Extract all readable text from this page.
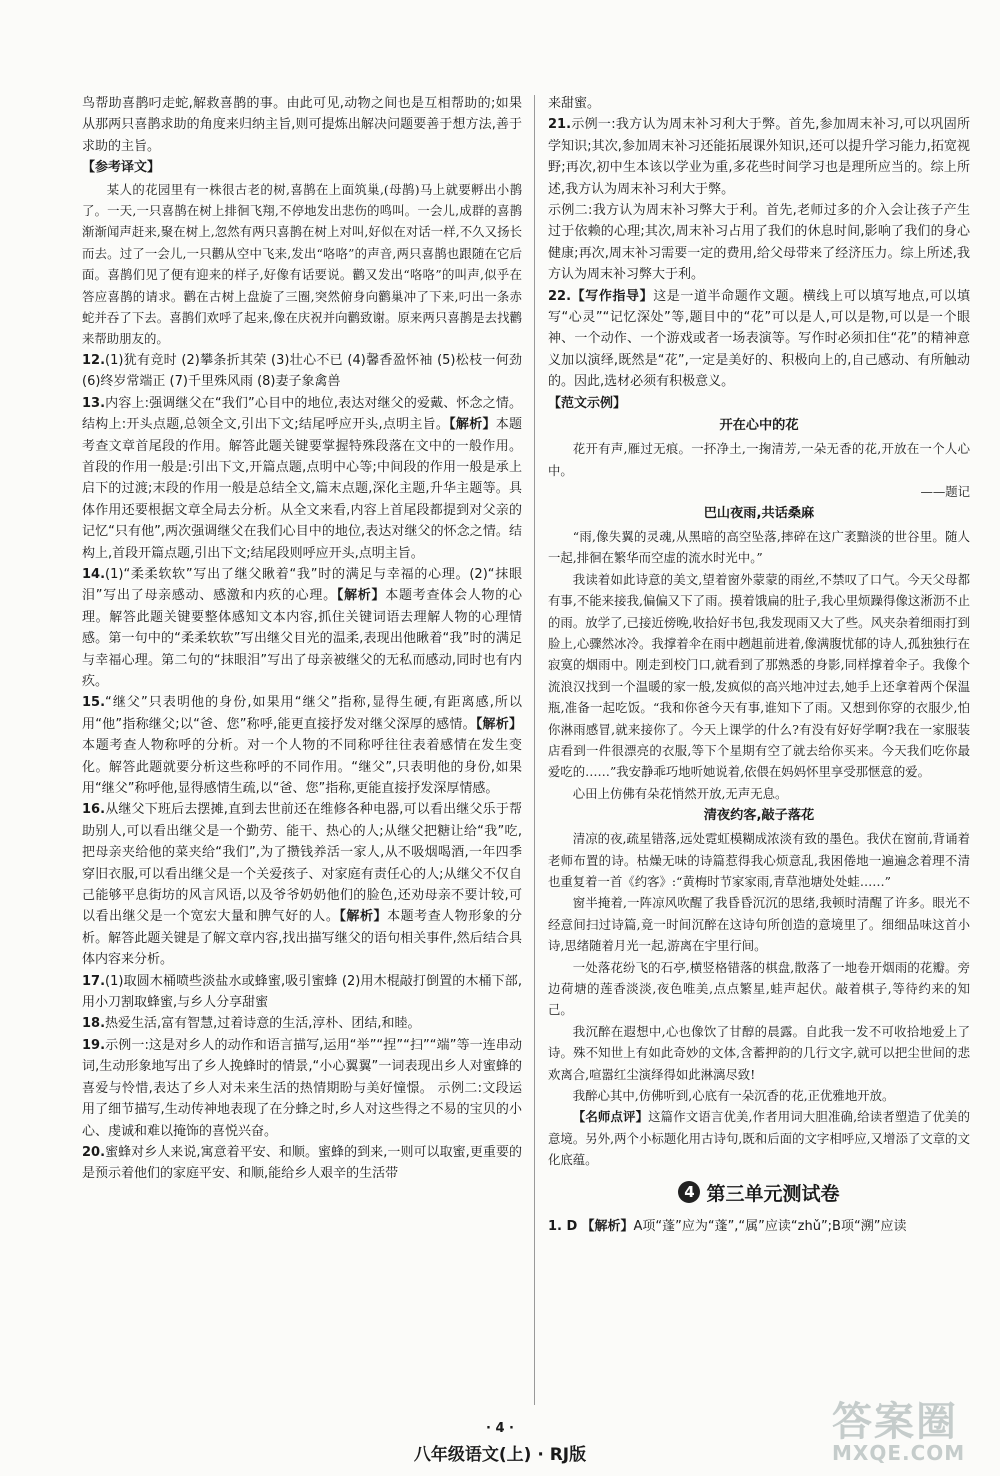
鸟帮助喜鹊叼走蛇,解救喜鹊的事。由此可见,动物之间也是互相帮助的;如果从那两只喜鹊求助的角度来归纳主旨,则可提炼出解决问题要善于想方法,善于求助的主旨。

【参考译文】

某人的花园里有一株很古老的树,喜鹊在上面筑巢,(母鹊)马上就要孵出小鹊了。一天,一只喜鹊在树上排徊飞翔,不停地发出悲伤的鸣叫。一会儿,成群的喜鹊渐渐闻声赶来,聚在树上,忽然有两只喜鹊在树上对叫,好似在对话一样,不久又扬长而去。过了一会儿,一只鹳从空中飞来,发出“咯咯”的声音,两只喜鹊也跟随在它后面。喜鹊们见了便有迎来的样子,好像有话要说。鹳又发出“咯咯”的叫声,似乎在答应喜鹊的请求。鹳在古树上盘旋了三圈,突然俯身向鹳巢冲了下来,叼出一条赤蛇并吞了下去。喜鹊们欢呼了起来,像在庆祝并向鹳致谢。原来两只喜鹊是去找鹳来帮助朋友的。

12.(1)犹有竞时 (2)攀条折其荣 (3)壮心不已 (4)馨香盈怀袖 (5)松枝一何劲 (6)终岁常端正 (7)千里殊风雨 (8)妻子象禽兽

13.内容上:强调继父在“我们”心目中的地位,表达对继父的爱戴、怀念之情。结构上:开头点题,总领全文,引出下文;结尾呼应开头,点明主旨。【解析】本题考查文章首尾段的作用。解答此题关键要掌握特殊段落在文中的一般作用。首段的作用一般是:引出下文,开篇点题,点明中心等;中间段的作用一般是承上启下的过渡;末段的作用一般是总结全文,篇末点题,深化主题,升华主题等。具体作用还要根据文章全局去分析。从全文来看,内容上首尾段都提到对父亲的记忆“只有他”,两次强调继父在我们心目中的地位,表达对继父的怀念之情。结构上,首段开篇点题,引出下文;结尾段则呼应开头,点明主旨。

14.(1)“柔柔软软”写出了继父瞅着“我”时的满足与幸福的心理。(2)“抹眼泪”写出了母亲感动、感激和内疚的心理。【解析】本题考查体会人物的心理。解答此题关键要整体感知文本内容,抓住关键词语去理解人物的心理情感。第一句中的“柔柔软软”写出继父目光的温柔,表现出他瞅着“我”时的满足与幸福心理。第二句的“抹眼泪”写出了母亲被继父的无私而感动,同时也有内疚。

15.“继父”只表明他的身份,如果用“继父”指称,显得生硬,有距离感,所以用“他”指称继父;以“爸、您”称呼,能更直接抒发对继父深厚的感情。【解析】本题考查人物称呼的分析。对一个人物的不同称呼往往表着感情在发生变化。解答此题就要分析这些称呼的不同作用。“继父”,只表明他的身份,如果用“继父”称呼他,显得感情生疏,以“爸、您”指称,更能直接抒发深厚情感。

16.从继父下班后去摆摊,直到去世前还在维修各种电器,可以看出继父乐于帮助别人,可以看出继父是一个勤劳、能干、热心的人;从继父把糖让给“我”吃,把母亲夹给他的菜夹给“我们”,为了攒钱养活一家人,从不吸烟喝酒,一年四季穿旧衣服,可以看出继父是一个关爱孩子、对家庭有责任心的人;从继父不仅自己能够平息街坊的风言风语,以及爷爷奶奶他们的脸色,还劝母亲不要计较,可以看出继父是一个宽宏大量和脾气好的人。【解析】本题考查人物形象的分析。解答此题关键是了解文章内容,找出描写继父的语句相关事件,然后结合具体内容来分析。

17.(1)取圆木桶喷些淡盐水或蜂蜜,吸引蜜蜂 (2)用木棍敲打倒置的木桶下部,用小刀割取蜂蜜,与乡人分享甜蜜

18.热爱生活,富有智慧,过着诗意的生活,淳朴、团结,和睦。

19.示例一:这是对乡人的动作和语言描写,运用“举”“捏”“扫”“端”等一连串动词,生动形象地写出了乡人挽蜂时的情景,“小心翼翼”一词表现出乡人对蜜蜂的喜爱与怜惜,表达了乡人对未来生活的热情期盼与美好憧憬。 示例二:文段运用了细节描写,生动传神地表现了在分蜂之时,乡人对这些得之不易的宝贝的小心、虔诚和难以掩饰的喜悦兴奋。

20.蜜蜂对乡人来说,寓意着平安、和顺。蜜蜂的到来,一则可以取蜜,更重要的是预示着他们的家庭平安、和顺,能给乡人艰辛的生活带

来甜蜜。

21.示例一:我方认为周末补习利大于弊。首先,参加周末补习,可以巩固所学知识;其次,参加周末补习还能拓展课外知识,还可以提升学习能力,拓宽视野;再次,初中生本该以学业为重,多花些时间学习也是理所应当的。综上所述,我方认为周末补习利大于弊。

示例二:我方认为周末补习弊大于利。首先,老师过多的介入会让孩子产生过于依赖的心理;其次,周末补习占用了我们的休息时间,影响了我们的身心健康;再次,周末补习需要一定的费用,给父母带来了经济压力。综上所述,我方认为周末补习弊大于利。

22.【写作指导】这是一道半命题作文题。横线上可以填写地点,可以填写“心灵”“记忆深处”等,题目中的“花”可以是人,可以是物,可以是一个眼神、一个动作、一个游戏或者一场表演等。写作时必须扣住“花”的精神意义加以演绎,既然是“花”,一定是美好的、积极向上的,自己感动、有所触动的。因此,选材必须有积极意义。

【范文示例】

开在心中的花

花开有声,雁过无痕。一抔净土,一掬清芳,一朵无香的花,开放在一个人心中。

——题记

巴山夜雨,共话桑麻

“雨,像失翼的灵魂,从黑暗的高空坠落,摔碎在这广袤黯淡的世谷里。随人一起,排徊在繁华而空虚的流水时光中。”

我读着如此诗意的美文,望着窗外蒙蒙的雨丝,不禁叹了口气。今天父母都有事,不能来接我,偏偏又下了雨。摸着饿扁的肚子,我心里烦躁得像这淅沥不止的雨。放学了,已接近傍晚,收拾好书包,我发现雨又大了些。风夹杂着细雨打到脸上,心骤然冰冷。我撑着伞在雨中趔趄前进着,像满腹忧郁的诗人,孤独独行在寂寞的烟雨中。刚走到校门口,就看到了那熟悉的身影,同样撑着伞子。我像个流浪汉找到一个温暖的家一般,发疯似的高兴地冲过去,她手上还拿着两个保温瓶,准备一起吃饭。“我和你爸今天有事,谁知下了雨。又想到你穿的衣服少,怕你淋雨感冒,就来接你了。今天上课学的什么?有没有好好学啊?我在一家服装店看到一件很漂亮的衣服,等下个星期有空了就去给你买来。今天我们吃你最爱吃的……”我安静乖巧地听她说着,依偎在妈妈怀里享受那惬意的爱。

心田上仿佛有朵花悄然开放,无声无息。

清夜约客,敲子落花

清凉的夜,疏星错落,远处霓虹模糊成浓淡有致的墨色。我伏在窗前,背诵着老师布置的诗。枯燥无味的诗篇惹得我心烦意乱,我困倦地一遍遍念着理不清也重复着一首《约客》:“黄梅时节家家雨,青草池塘处处蛙……”

窗半掩着,一阵凉风吹醒了我昏昏沉沉的思绪,我顿时清醒了许多。眼光不经意间扫过诗篇,竟一时间沉醉在这诗句所创造的意境里了。细细品味这首小诗,思绪随着月光一起,游离在宇里行间。

一处落花纷飞的石亭,横竖格错落的棋盘,散落了一地卷开烟雨的花瓣。旁边荷塘的莲香淡淡,夜色唯美,点点繁星,蛙声起伏。敲着棋子,等待约来的知己。

我沉醉在遐想中,心也像饮了甘醇的晨露。自此我一发不可收拾地爱上了诗。殊不知世上有如此奇妙的文体,含蓄押韵的几行文字,就可以把尘世间的悲欢离合,喧嚣红尘演绎得如此淋漓尽致!

我醉心其中,仿佛听到,心底有一朵沉香的花,正优雅地开放。

【名师点评】这篇作文语言优美,作者用词大胆准确,给读者塑造了优美的意境。另外,两个小标题化用古诗句,既和后面的文字相呼应,又增添了文章的文化底蕴。

4 第三单元测试卷

1. D 【解析】A项“蓬”应为“蓬”,“属”应读“zhǔ”;B项“溯”应读

· 4 ·
八年级语文(上) · RJ版
答案圈
MXQE.COM
